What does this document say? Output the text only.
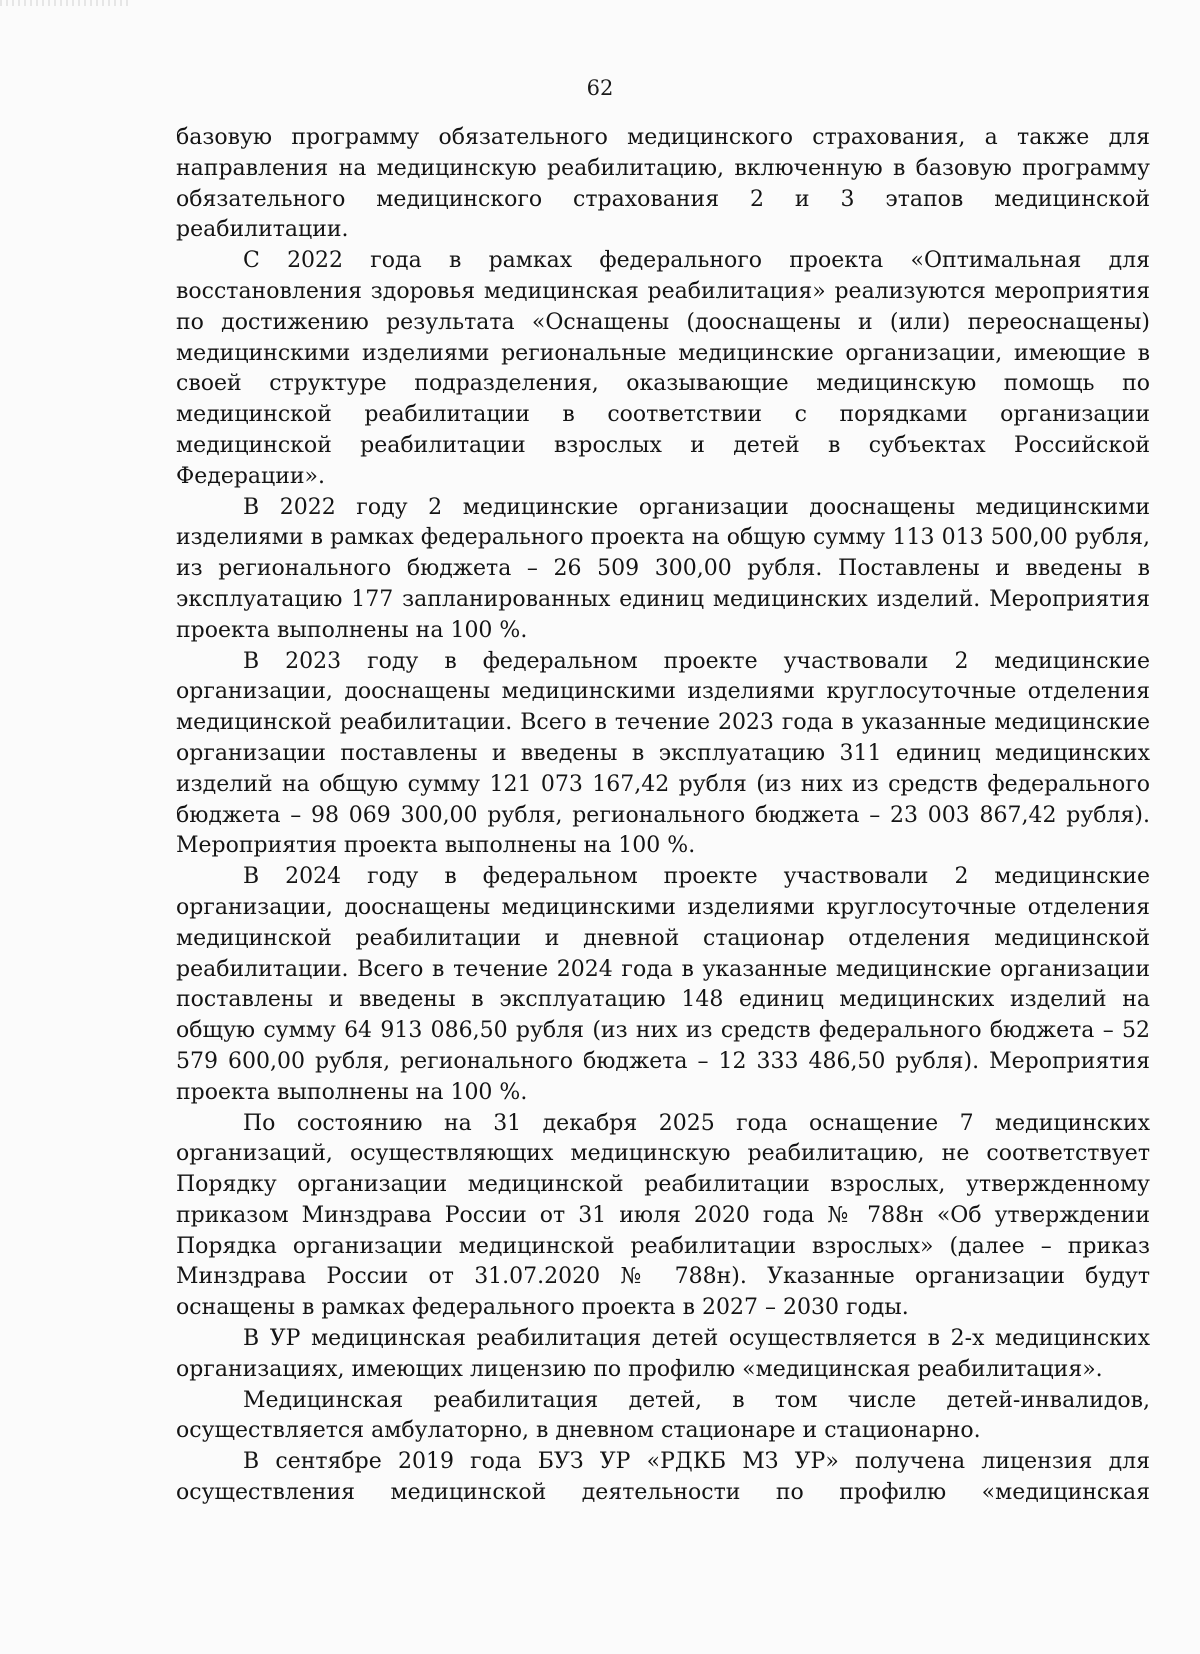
62

базовую программу обязательного медицинского страхования, а также для направления на медицинскую реабилитацию, включенную в базовую программу обязательного медицинского страхования 2 и 3 этапов медицинской реабилитации.

С 2022 года в рамках федерального проекта «Оптимальная для восстановления здоровья медицинская реабилитация» реализуются мероприятия по достижению результата «Оснащены (дооснащены и (или) переоснащены) медицинскими изделиями региональные медицинские организации, имеющие в своей структуре подразделения, оказывающие медицинскую помощь по медицинской реабилитации в соответствии с порядками организации медицинской реабилитации взрослых и детей в субъектах Российской Федерации».

В 2022 году 2 медицинские организации дооснащены медицинскими изделиями в рамках федерального проекта на общую сумму 113 013 500,00 рубля, из регионального бюджета – 26 509 300,00 рубля. Поставлены и введены в эксплуатацию 177 запланированных единиц медицинских изделий. Мероприятия проекта выполнены на 100 %.

В 2023 году в федеральном проекте участвовали 2 медицинские организации, дооснащены медицинскими изделиями круглосуточные отделения медицинской реабилитации. Всего в течение 2023 года в указанные медицинские организации поставлены и введены в эксплуатацию 311 единиц медицинских изделий на общую сумму 121 073 167,42 рубля (из них из средств федерального бюджета – 98 069 300,00 рубля, регионального бюджета – 23 003 867,42 рубля). Мероприятия проекта выполнены на 100 %.

В 2024 году в федеральном проекте участвовали 2 медицинские организации, дооснащены медицинскими изделиями круглосуточные отделения медицинской реабилитации и дневной стационар отделения медицинской реабилитации. Всего в течение 2024 года в указанные медицинские организации поставлены и введены в эксплуатацию 148 единиц медицинских изделий на общую сумму 64 913 086,50 рубля (из них из средств федерального бюджета – 52 579 600,00 рубля, регионального бюджета – 12 333 486,50 рубля). Мероприятия проекта выполнены на 100 %.

По состоянию на 31 декабря 2025 года оснащение 7 медицинских организаций, осуществляющих медицинскую реабилитацию, не соответствует Порядку организации медицинской реабилитации взрослых, утвержденному приказом Минздрава России от 31 июля 2020 года № 788н «Об утверждении Порядка организации медицинской реабилитации взрослых» (далее – приказ Минздрава России от 31.07.2020 № 788н). Указанные организации будут оснащены в рамках федерального проекта в 2027 – 2030 годы.

В УР медицинская реабилитация детей осуществляется в 2-х медицинских организациях, имеющих лицензию по профилю «медицинская реабилитация».

Медицинская реабилитация детей, в том числе детей-инвалидов, осуществляется амбулаторно, в дневном стационаре и стационарно.

В сентябре 2019 года БУЗ УР «РДКБ МЗ УР» получена лицензия для осуществления медицинской деятельности по профилю «медицинская
